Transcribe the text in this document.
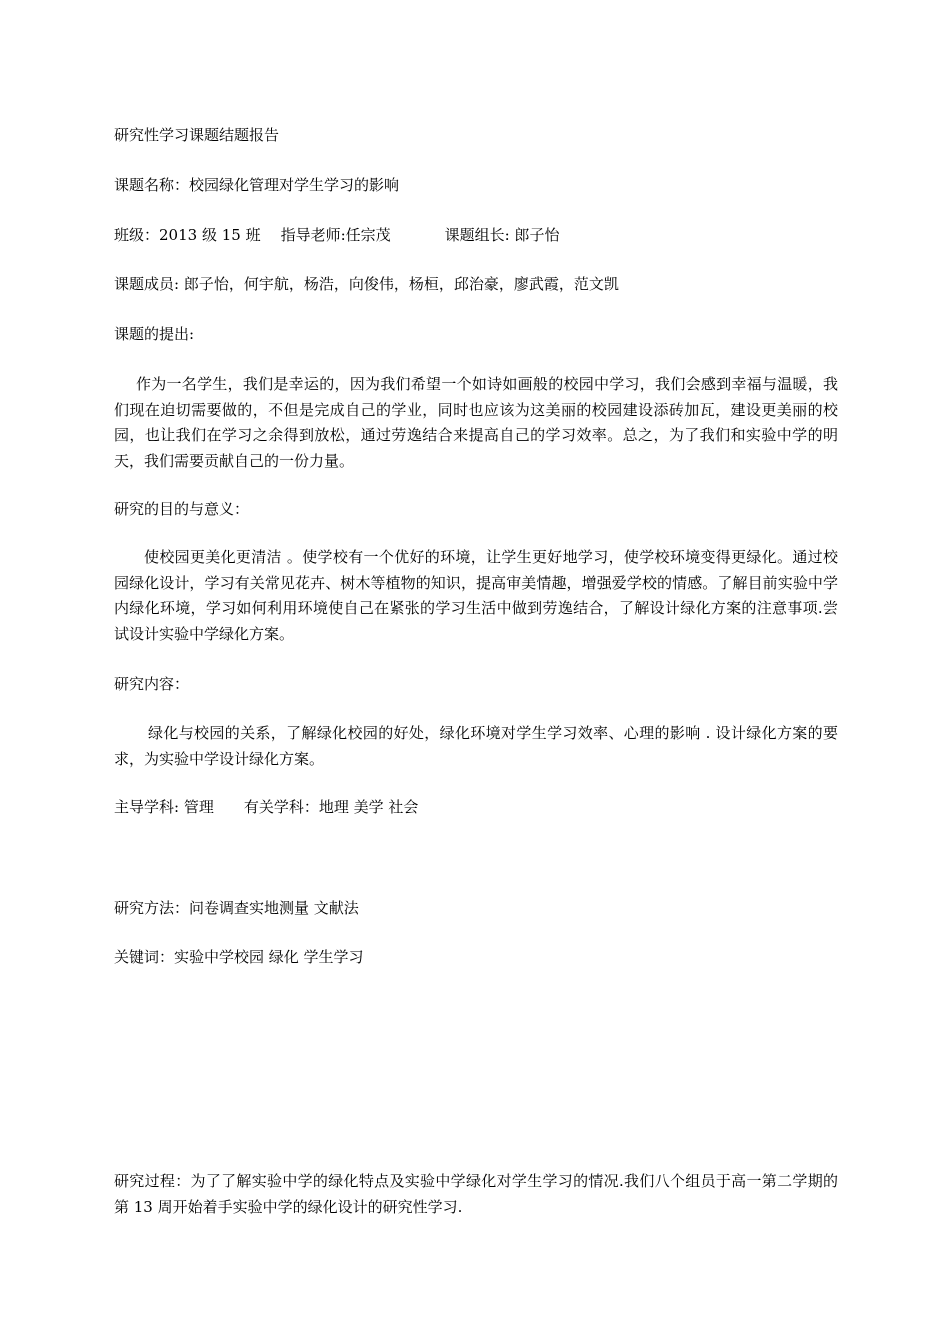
研究性学习课题结题报告
课题名称：校园绿化管理对学生学习的影响
班级：2013 级 15 班 指导老师:任宗茂	课题组长: 郎子怡
课题成员: 郎子怡，何宇航，杨浩，向俊伟，杨桓，邱治豪，廖武霞，范文凯
课题的提出:
作为一名学生，我们是幸运的，因为我们希望一个如诗如画般的校园中学习，我们会感到幸福与温暖，我们现在迫切需要做的，不但是完成自己的学业，同时也应该为这美丽的校园建设添砖加瓦，建设更美丽的校园，也让我们在学习之余得到放松，通过劳逸结合来提高自己的学习效率。总之，为了我们和实验中学的明天，我们需要贡献自己的一份力量。
研究的目的与意义：
使校园更美化更清洁 。使学校有一个优好的环境，让学生更好地学习，使学校环境变得更绿化。通过校园绿化设计，学习有关常见花卉、树木等植物的知识，提高审美情趣，增强爱学校的情感。了解目前实验中学内绿化环境，学习如何利用环境使自己在紧张的学习生活中做到劳逸结合，了解设计绿化方案的注意事项.尝试设计实验中学绿化方案。
研究内容：
绿化与校园的关系，了解绿化校园的好处，绿化环境对学生学习效率、心理的影响 . 设计绿化方案的要求，为实验中学设计绿化方案。
主导学科: 管理 有关学科：地理 美学 社会
研究方法：问卷调查实地测量 文献法
关键词：实验中学校园 绿化 学生学习
研究过程：为了了解实验中学的绿化特点及实验中学绿化对学生学习的情况.我们八个组员于高一第二学期的第 13 周开始着手实验中学的绿化设计的研究性学习.
